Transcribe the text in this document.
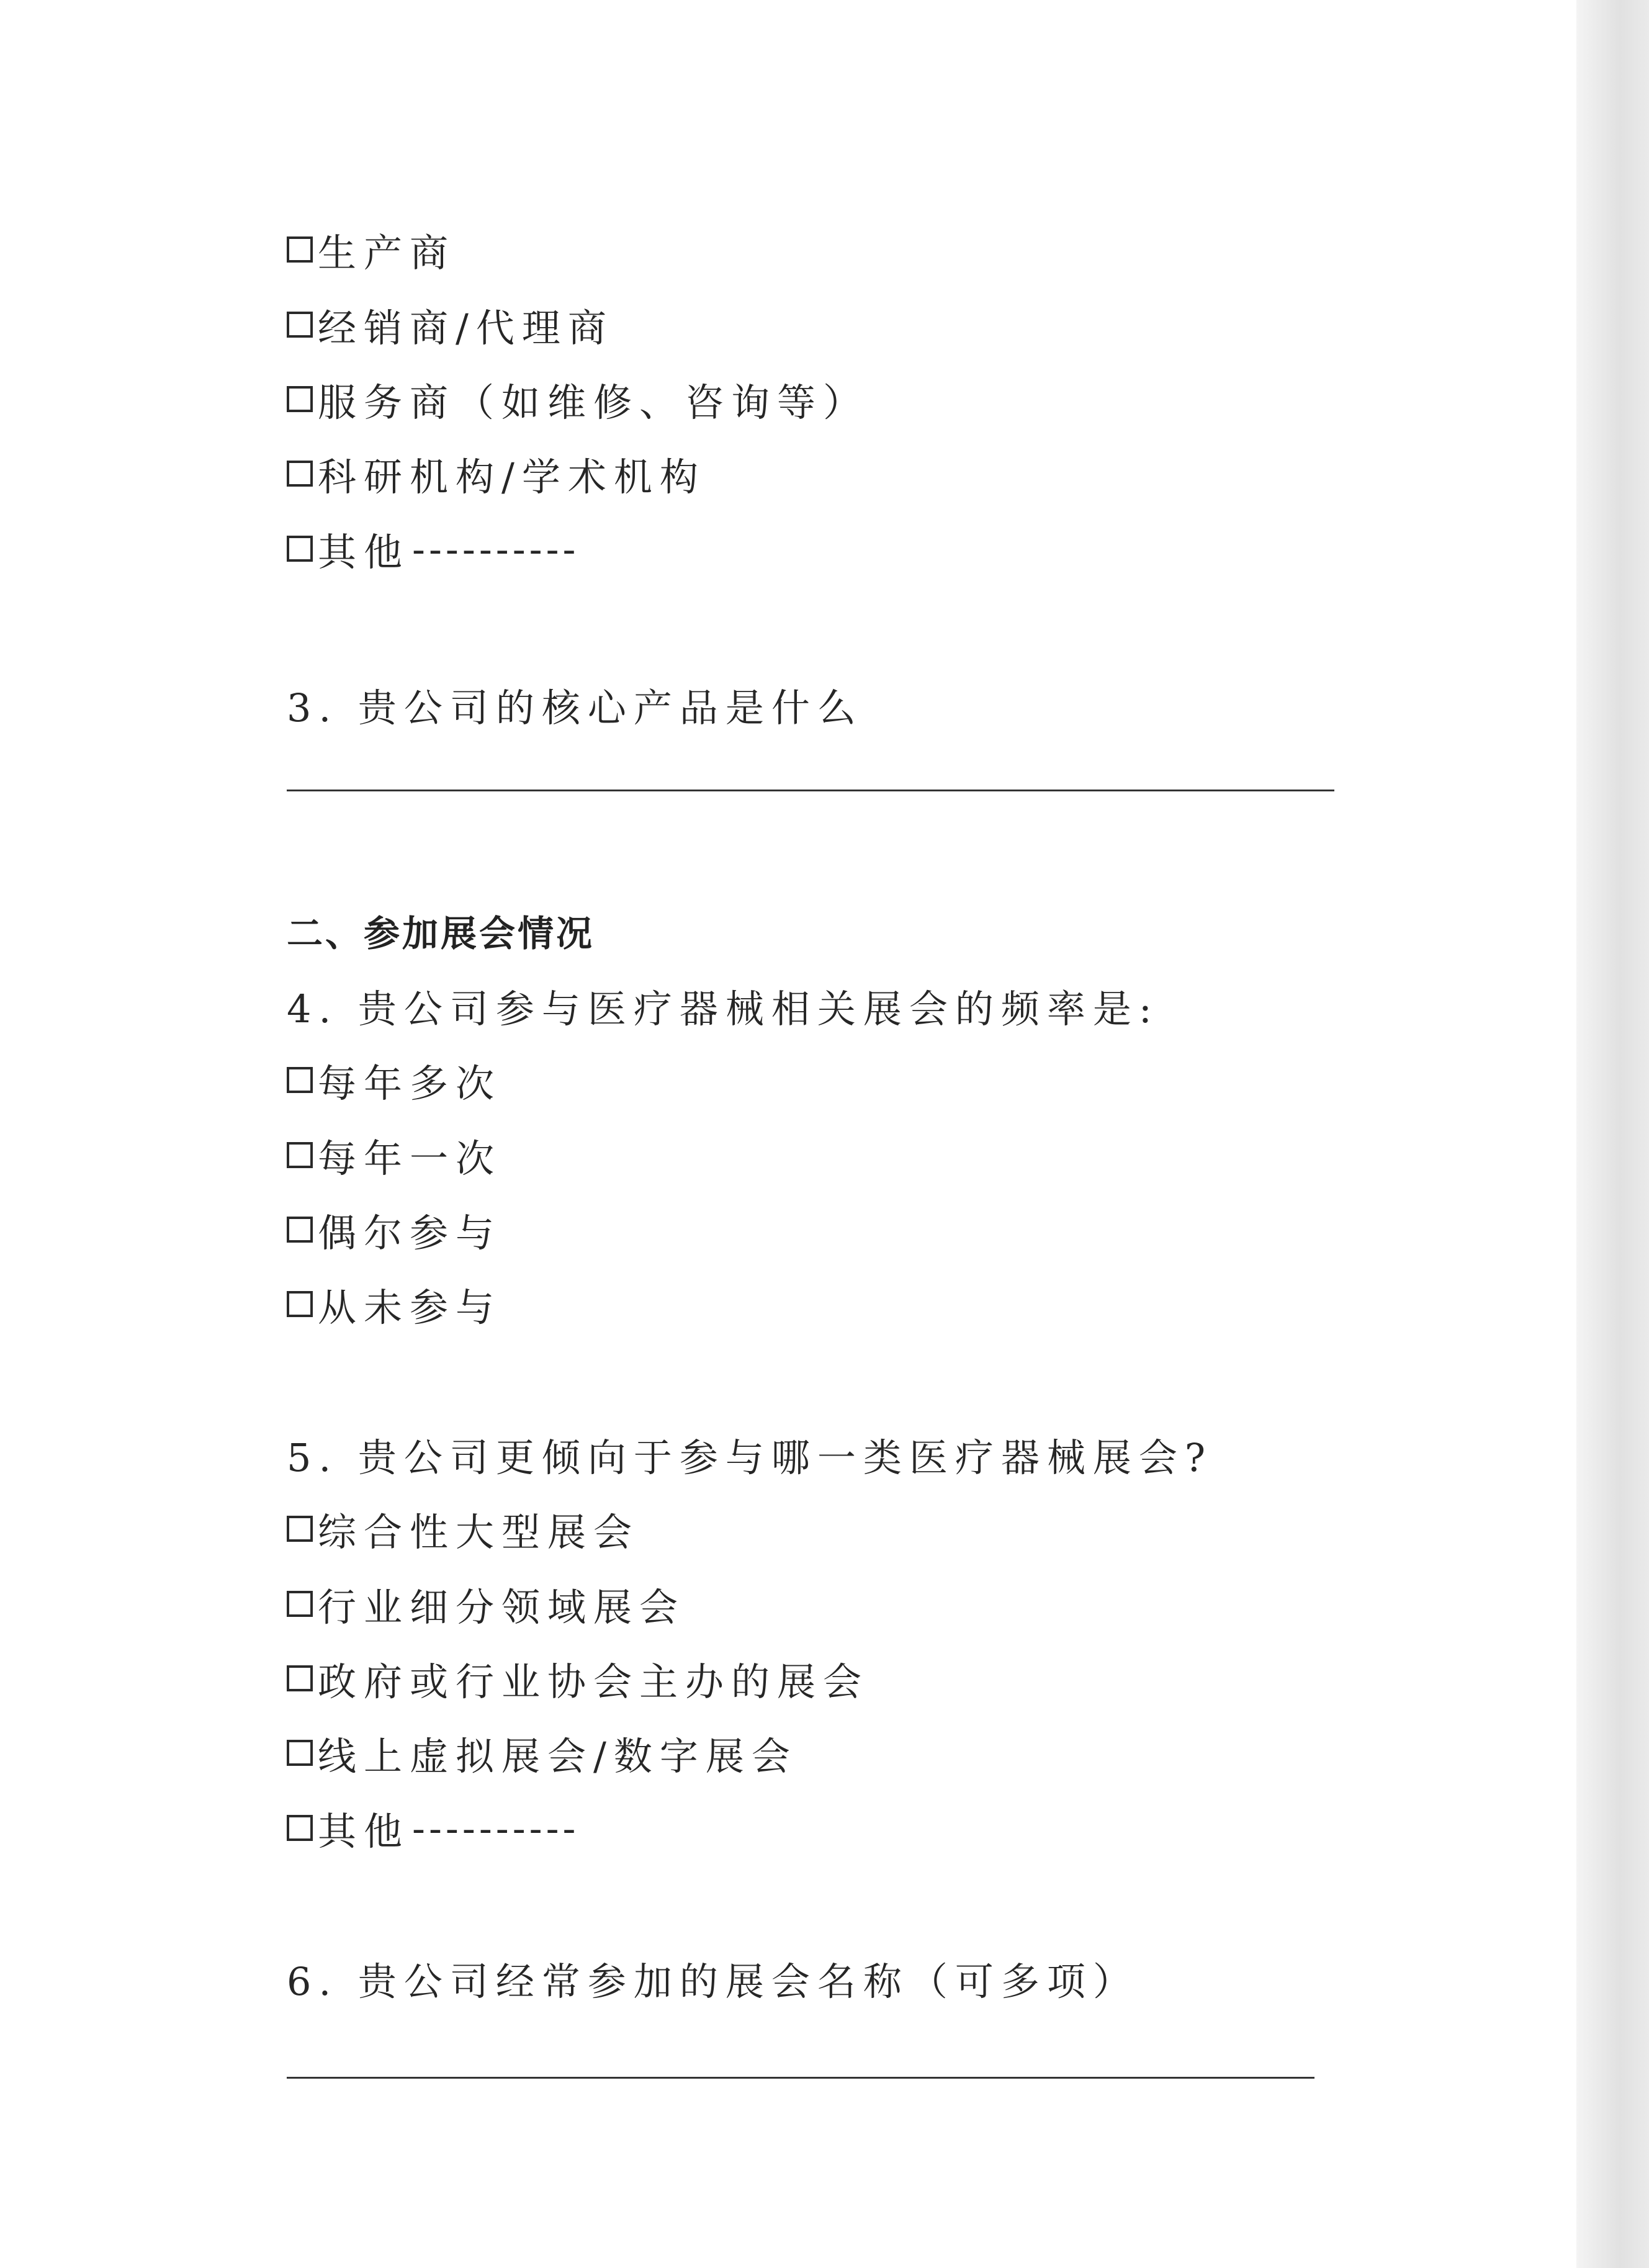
生产商
经销商/代理商
服务商（如维修、咨询等）
科研机构/学术机构
其他 ----------
3. 贵公司的核心产品是什么
二、参加展会情况
4. 贵公司参与医疗器械相关展会的频率是:
每年多次
每年一次
偶尔参与
从未参与
5. 贵公司更倾向于参与哪一类医疗器械展会?
综合性大型展会
行业细分领域展会
政府或行业协会主办的展会
线上虚拟展会/数字展会
其他 ----------
6. 贵公司经常参加的展会名称（可多项）
